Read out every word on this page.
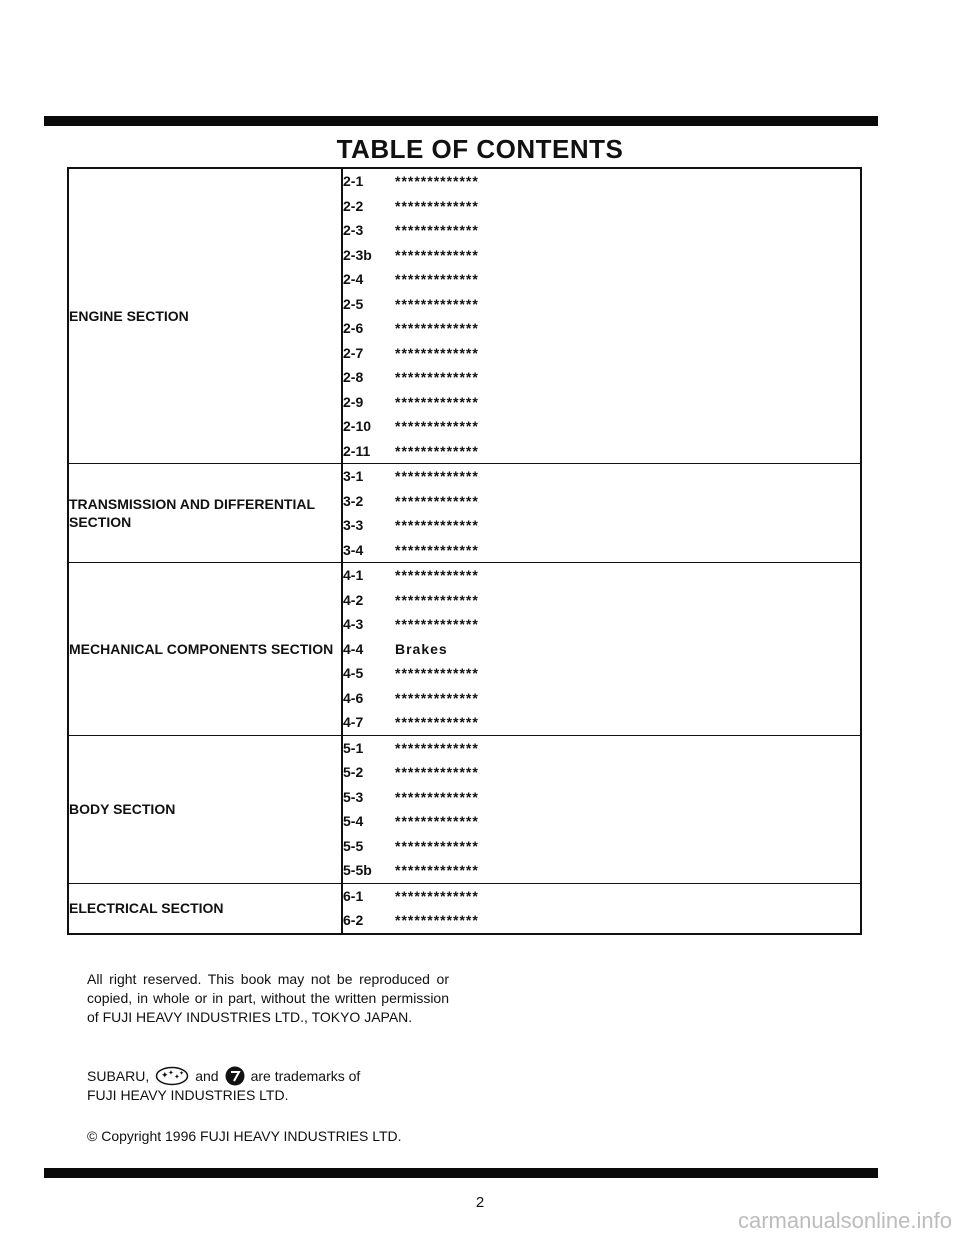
TABLE OF CONTENTS
ENGINE SECTION	2-1	*************
	2-2	*************
	2-3	*************
	2-3b	*************
	2-4	*************
	2-5	*************
	2-6	*************
	2-7	*************
	2-8	*************
	2-9	*************
	2-10	*************
	2-11	*************
TRANSMISSION AND DIFFERENTIAL SECTION	3-1	*************
	3-2	*************
	3-3	*************
	3-4	*************
MECHANICAL COMPONENTS SECTION	4-1	*************
	4-2	*************
	4-3	*************
	4-4	Brakes
	4-5	*************
	4-6	*************
	4-7	*************
BODY SECTION	5-1	*************
	5-2	*************
	5-3	*************
	5-4	*************
	5-5	*************
	5-5b	*************
ELECTRICAL SECTION	6-1	*************
	6-2	*************

All right reserved. This book may not be reproduced or copied, in whole or in part, without the written permission of FUJI HEAVY INDUSTRIES LTD., TOKYO JAPAN.

SUBARU, ✦ ✦ ✦ ✦ and are trademarks of
FUJI HEAVY INDUSTRIES LTD.
© Copyright 1996 FUJI HEAVY INDUSTRIES LTD.
2
carmanualsonline.info
